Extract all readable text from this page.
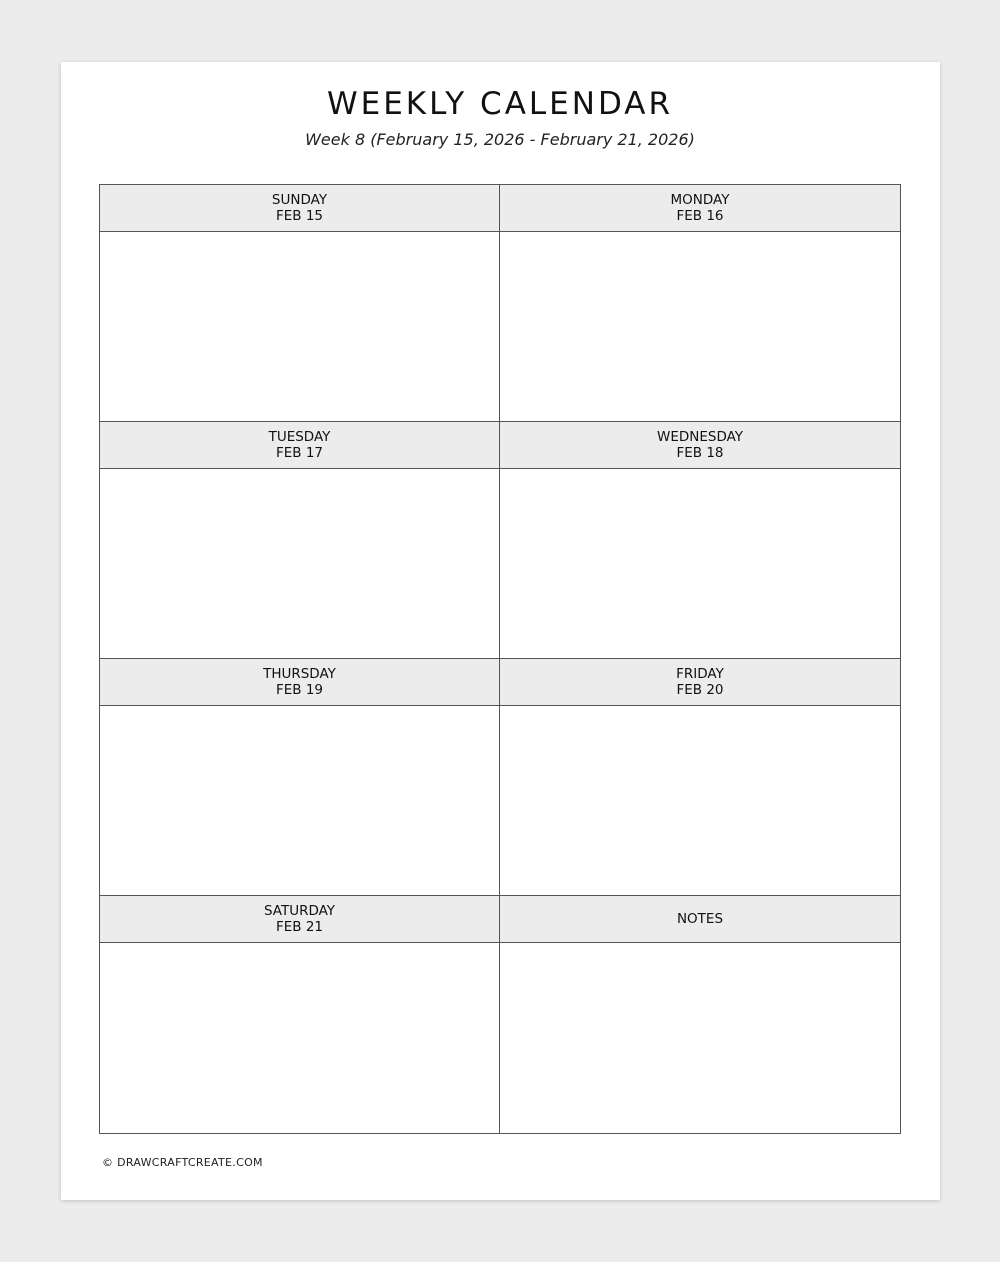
WEEKLY CALENDAR
Week 8 (February 15, 2026 - February 21, 2026)
SUNDAY
FEB 15
MONDAY
FEB 16
TUESDAY
FEB 17
WEDNESDAY
FEB 18
THURSDAY
FEB 19
FRIDAY
FEB 20
SATURDAY
FEB 21	NOTES
© DRAWCRAFTCREATE.COM
